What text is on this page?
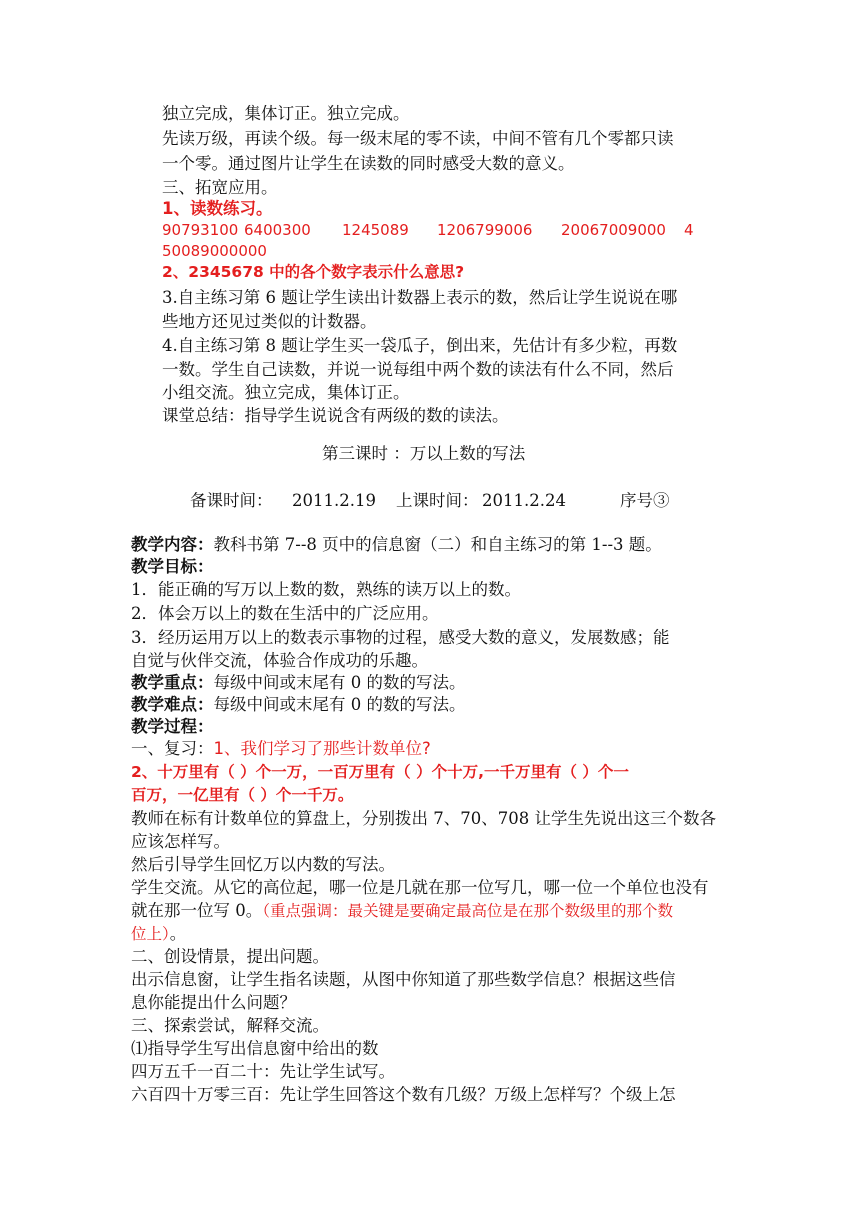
独立完成，集体订正。独立完成。
先读万级，再读个级。每一级末尾的零不读，中间不管有几个零都只读
一个零。通过图片让学生在读数的同时感受大数的意义。
三、拓宽应用。
1、读数练习。
90793100 6400300 1245089 1206799006 20067009000 4
50089000000
2、2345678 中的各个数字表示什么意思?
3.自主练习第 6 题让学生读出计数器上表示的数，然后让学生说说在哪
些地方还见过类似的计数器。
4.自主练习第 8 题让学生买一袋瓜子，倒出来，先估计有多少粒，再数
一数。学生自己读数，并说一说每组中两个数的读法有什么不同，然后
小组交流。独立完成，集体订正。
课堂总结：指导学生说说含有两级的数的读法。
第三课时 ：万以上数的写法
备课时间： 2011.2.19 上课时间： 2011.2.24	序号③
教学内容：教科书第 7--8 页中的信息窗（二）和自主练习的第 1--3 题。
教学目标：
1．能正确的写万以上数的数，熟练的读万以上的数。
2．体会万以上的数在生活中的广泛应用。
3．经历运用万以上的数表示事物的过程，感受大数的意义，发展数感；能
自觉与伙伴交流，体验合作成功的乐趣。
教学重点：每级中间或末尾有 0 的数的写法。
教学难点：每级中间或末尾有 0 的数的写法。
教学过程：
一、复习：1、我们学习了那些计数单位?
2、十万里有（ ）个一万，一百万里有（ ）个十万,一千万里有（ ）个一
百万，一亿里有（ ）个一千万。
教师在标有计数单位的算盘上，分别拨出 7、70、708 让学生先说出这三个数各
应该怎样写。
然后引导学生回忆万以内数的写法。
学生交流。从它的高位起，哪一位是几就在那一位写几，哪一位一个单位也没有
就在那一位写 0。（重点强调：最关键是要确定最高位是在那个数级里的那个数
位上）。
二、创设情景，提出问题。
出示信息窗，让学生指名读题，从图中你知道了那些数学信息？根据这些信
息你能提出什么问题？
三、探索尝试，解释交流。
⑴指导学生写出信息窗中给出的数
四万五千一百二十：先让学生试写。
六百四十万零三百：先让学生回答这个数有几级？万级上怎样写？个级上怎
